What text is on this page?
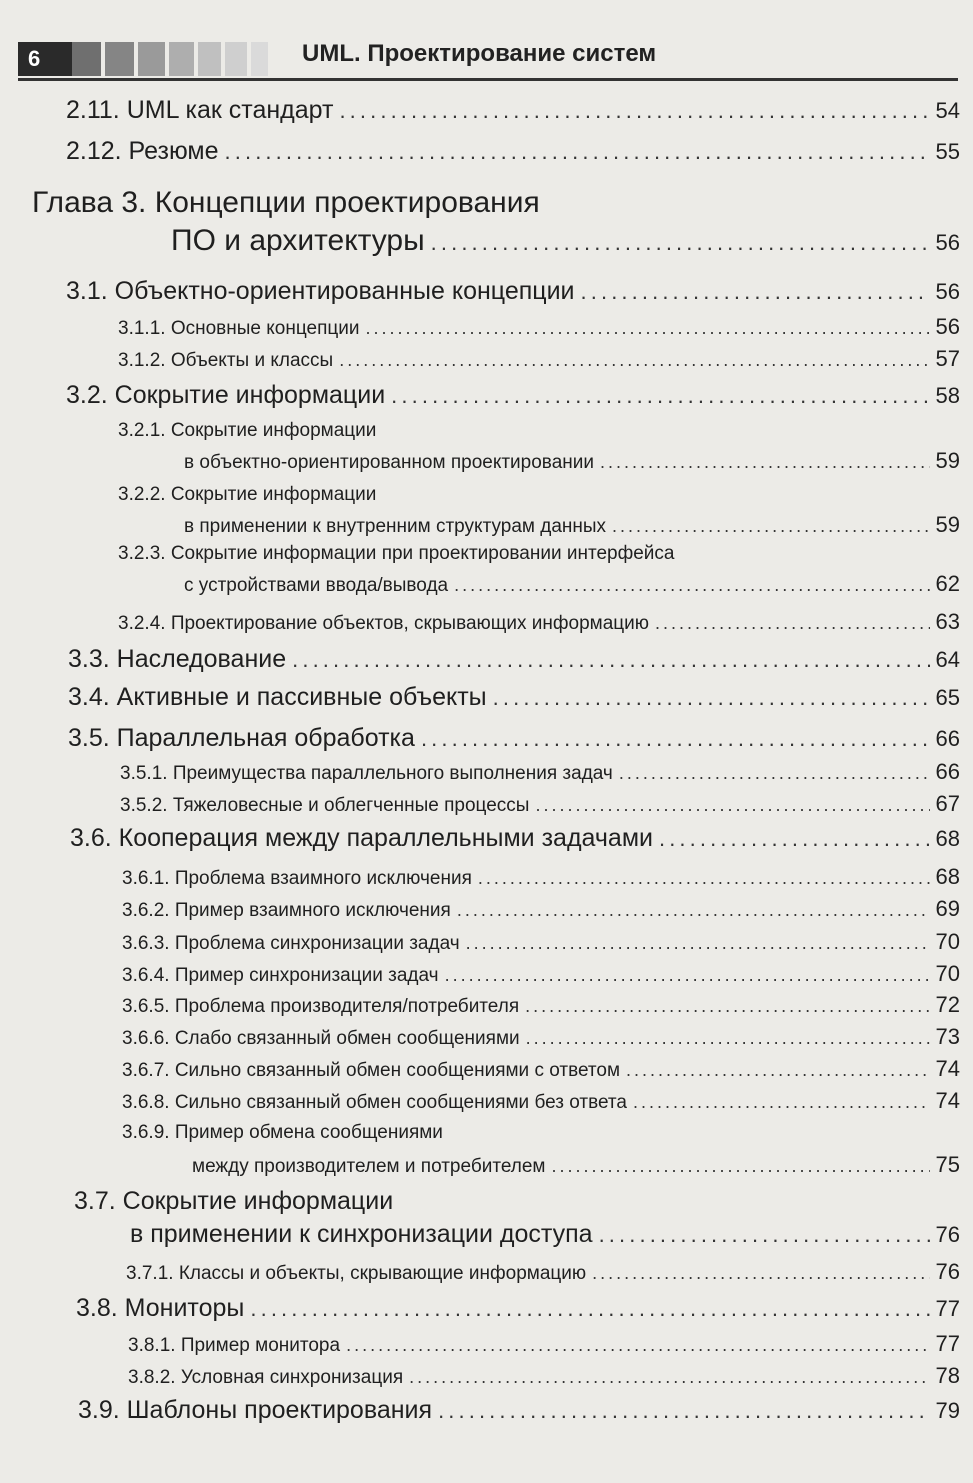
6	UML. Проектирование систем
2.11. UML как стандарт . . .	54
2.12. Резюме . . .	55
Глава 3. Концепции проектирования
ПО и архитектуры . . .	56
3.1. Объектно-ориентированные концепции . . .	56
3.1.1. Основные концепции . . .	56
3.1.2. Объекты и классы . . .	57
3.2. Сокрытие информации . . .	58
3.2.1. Сокрытие информации
в объектно-ориентированном проектировании . . .	59
3.2.2. Сокрытие информации
в применении к внутренним структурам данных . . .	59
3.2.3. Сокрытие информации при проектировании интерфейса
с устройствами ввода/вывода . . .	62
3.2.4. Проектирование объектов, скрывающих информацию . . .	63
3.3. Наследование . . .	64
3.4. Активные и пассивные объекты . . .	65
3.5. Параллельная обработка . . .	66
3.5.1. Преимущества параллельного выполнения задач . . .	66
3.5.2. Тяжеловесные и облегченные процессы . . .	67
3.6. Кооперация между параллельными задачами . . .	68
3.6.1. Проблема взаимного исключения . . .	68
3.6.2. Пример взаимного исключения . . .	69
3.6.3. Проблема синхронизации задач . . .	70
3.6.4. Пример синхронизации задач . . .	70
3.6.5. Проблема производителя/потребителя . . .	72
3.6.6. Слабо связанный обмен сообщениями . . .	73
3.6.7. Сильно связанный обмен сообщениями с ответом . . .	74
3.6.8. Сильно связанный обмен сообщениями без ответа . . .	74
3.6.9. Пример обмена сообщениями
между производителем и потребителем . . .	75
3.7. Сокрытие информации
в применении к синхронизации доступа . . .	76
3.7.1. Классы и объекты, скрывающие информацию . . .	76
3.8. Мониторы . . .	77
3.8.1. Пример монитора . . .	77
3.8.2. Условная синхронизация . . .	78
3.9. Шаблоны проектирования . . .	79
